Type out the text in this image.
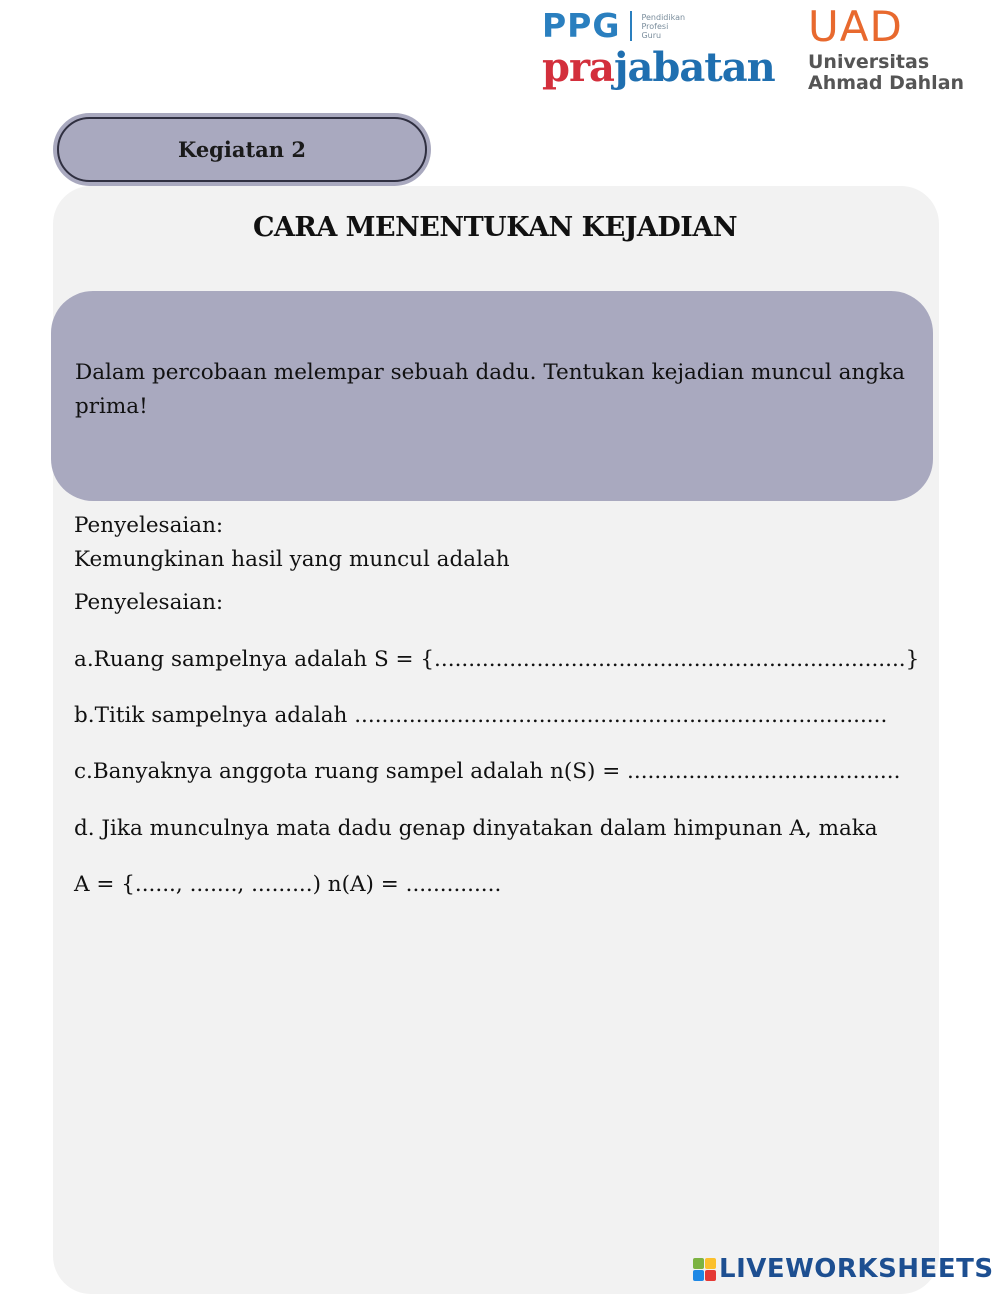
PPG	Pendidikan
Profesi
Guru
prajabatan
UAD
Universitas
Ahmad Dahlan
Kegiatan 2
CARA MENENTUKAN KEJADIAN

Dalam percobaan melempar sebuah dadu. Tentukan kejadian muncul angka prima!

Penyelesaian:

Kemungkinan hasil yang muncul adalah

Penyelesaian:

a.Ruang sampelnya adalah S = {.....................................................................}

b.Titik sampelnya adalah ..............................................................................

c.Banyaknya anggota ruang sampel adalah n(S) = ........................................

d. Jika munculnya mata dadu genap dinyatakan dalam himpunan A, maka

A = {......, ......., .........) n(A) = ..............

LIVEWORKSHEETS
